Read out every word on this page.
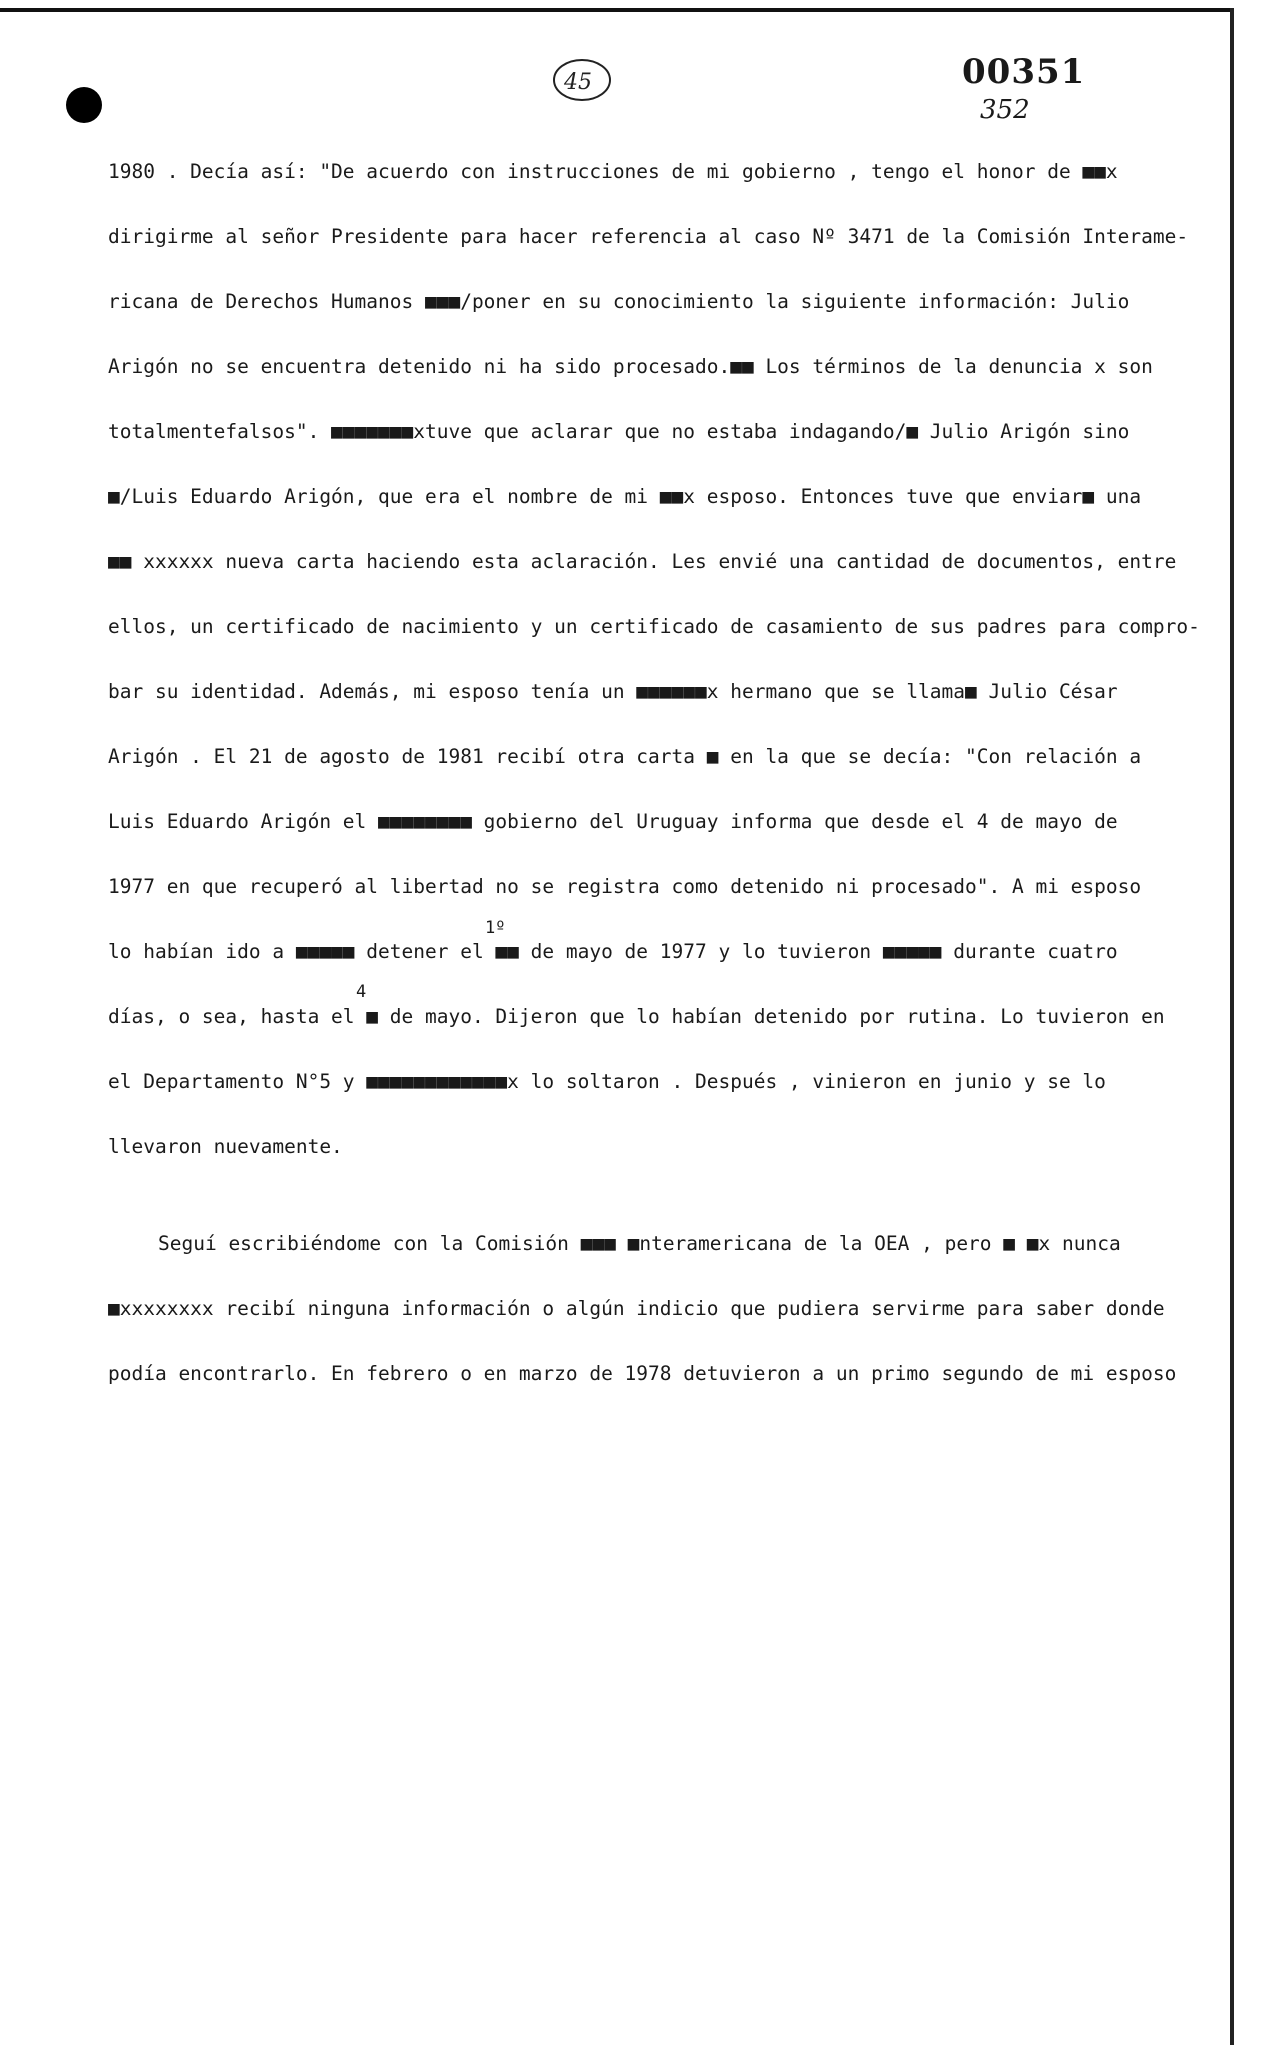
45	00351
352
1980 . Decía así: "De acuerdo con instrucciones de mi gobierno , tengo el honor de ■■x
dirigirme al señor Presidente para hacer referencia al caso Nº 3471 de la Comisión Interame-
ricana de Derechos Humanos ■■■/poner en su conocimiento la siguiente información: Julio
Arigón no se encuentra detenido ni ha sido procesado.■■ Los términos de la denuncia x son
totalmentefalsos". ■■■■■■■xtuve que aclarar que no estaba indagando/■ Julio Arigón sino
■/Luis Eduardo Arigón, que era el nombre de mi ■■x esposo. Entonces tuve que enviar■ una
■■ xxxxxx nueva carta haciendo esta aclaración. Les envié una cantidad de documentos, entre
ellos, un certificado de nacimiento y un certificado de casamiento de sus padres para compro-
bar su identidad. Además, mi esposo tenía un ■■■■■■x hermano que se llama■ Julio César
Arigón . El 21 de agosto de 1981 recibí otra carta ■ en la que se decía: "Con relación a
Luis Eduardo Arigón el ■■■■■■■■ gobierno del Uruguay informa que desde el 4 de mayo de
1977 en que recuperó al libertad no se registra como detenido ni procesado". A mi esposo
lo habían ido a ■■■■■ detener el ■■ de mayo de 1977 y lo tuvieron ■■■■■ durante cuatro
días, o sea, hasta el ■ de mayo. Dijeron que lo habían detenido por rutina. Lo tuvieron en
el Departamento N°5 y ■■■■■■■■■■■■x lo soltaron . Después , vinieron en junio y se lo
llevaron nuevamente.
Seguí escribiéndome con la Comisión ■■■ ■nteramericana de la OEA , pero ■ ■x nunca
■xxxxxxxx recibí ninguna información o algún indicio que pudiera servirme para saber donde
podía encontrarlo. En febrero o en marzo de 1978 detuvieron a un primo segundo de mi esposo
1º
4
